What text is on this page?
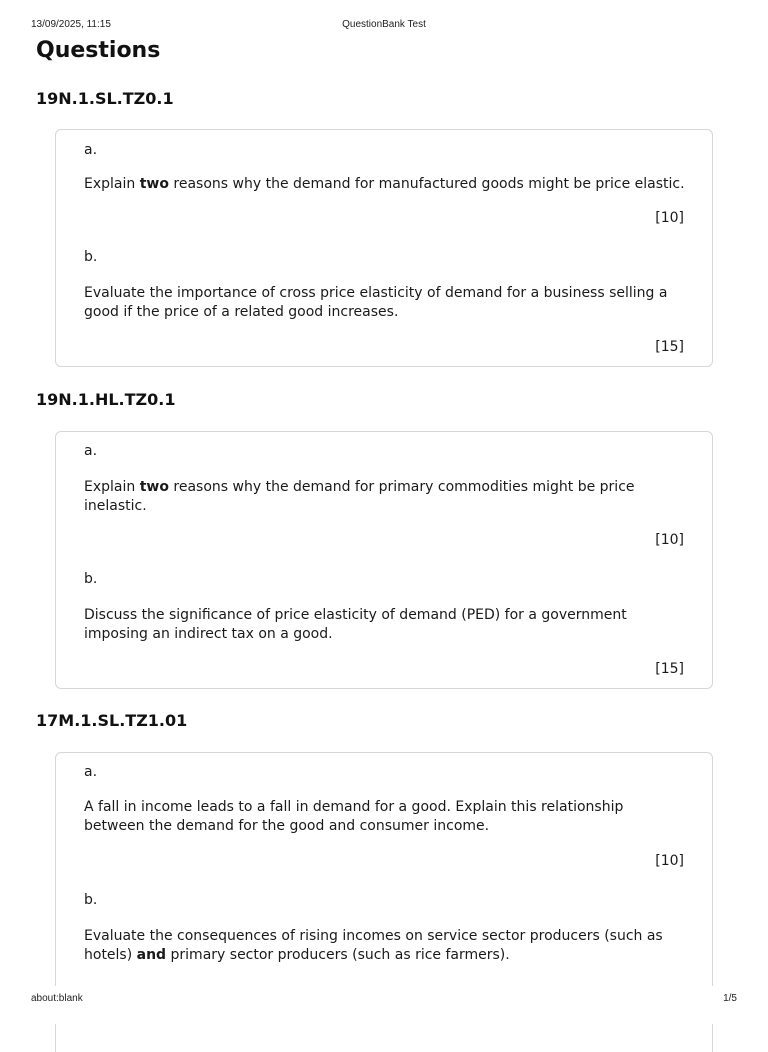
13/09/2025, 11:15	QuestionBank Test
Questions
19N.1.SL.TZ0.1
a.
Explain two reasons why the demand for manufactured goods might be price elastic.
[10]
b.
Evaluate the importance of cross price elasticity of demand for a business selling a good if the price of a related good increases.
[15]
19N.1.HL.TZ0.1
a.
Explain two reasons why the demand for primary commodities might be price inelastic.
[10]
b.
Discuss the significance of price elasticity of demand (PED) for a government imposing an indirect tax on a good.
[15]
17M.1.SL.TZ1.01
a.
A fall in income leads to a fall in demand for a good. Explain this relationship between the demand for the good and consumer income.
[10]
b.
Evaluate the consequences of rising incomes on service sector producers (such as hotels) and primary sector producers (such as rice farmers).
about:blank	1/5
